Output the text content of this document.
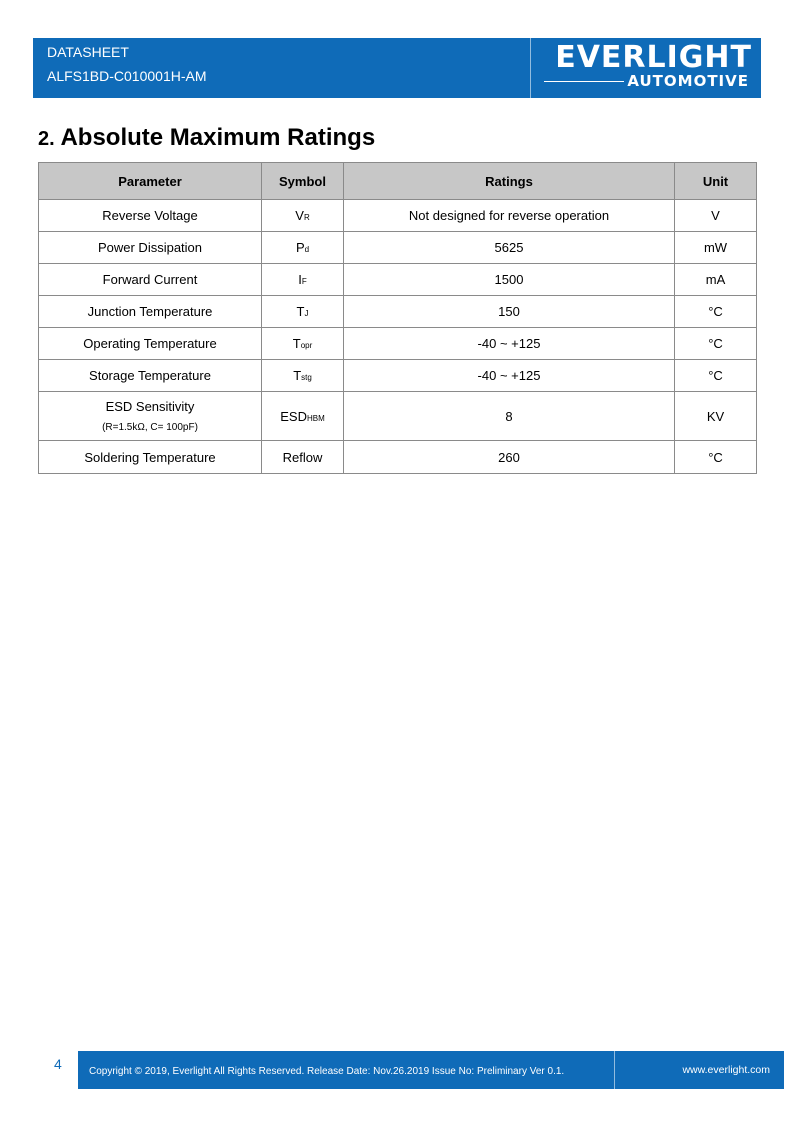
DATASHEET
ALFS1BD-C010001H-AM
EVERLIGHT
AUTOMOTIVE
2. Absolute Maximum Ratings
Parameter	Symbol	Ratings	Unit
Reverse Voltage	VR	Not designed for reverse operation	V
Power Dissipation	Pd	5625	mW
Forward Current	IF	1500	mA
Junction Temperature	TJ	150	°C
Operating Temperature	Topr	-40 ~ +125	°C
Storage Temperature	Tstg	-40 ~ +125	°C
ESD Sensitivity
(R=1.5kΩ, C= 100pF)	ESDHBM	8	KV
Soldering Temperature	Reflow	260	°C
4	Copyright © 2019, Everlight All Rights Reserved. Release Date: Nov.26.2019 Issue No: Preliminary Ver 0.1.	www.everlight.com
